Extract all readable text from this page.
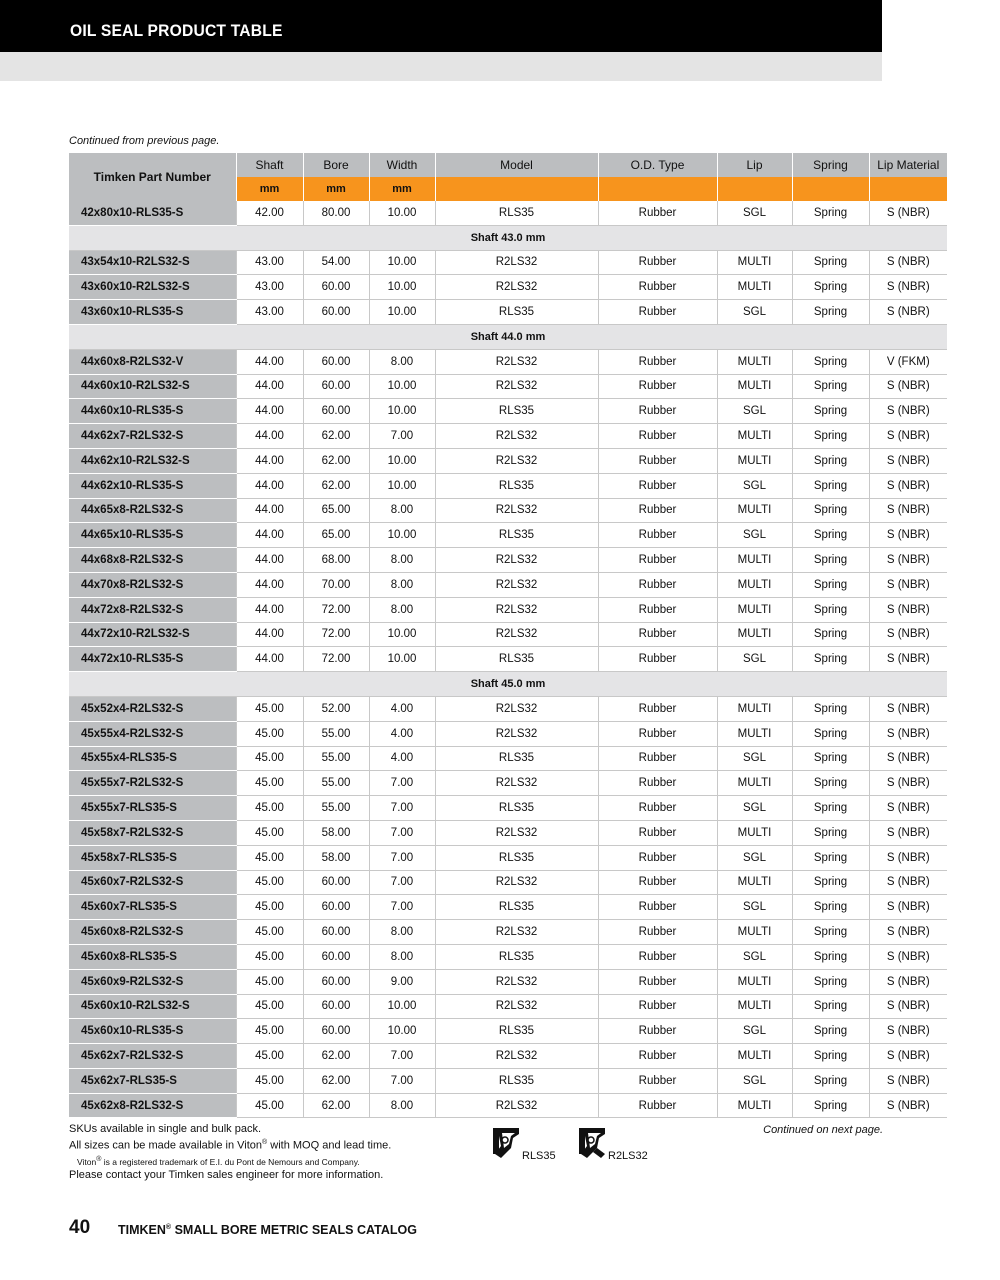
OIL SEAL PRODUCT TABLE
Continued from previous page.
Timken Part Number	Shaft	Bore	Width	Model	O.D. Type	Lip	Spring	Lip Material
	mm	mm	mm					
42x80x10-RLS35-S	42.00	80.00	10.00	RLS35	Rubber	SGL	Spring	S (NBR)
Shaft 43.0 mm								
43x54x10-R2LS32-S	43.00	54.00	10.00	R2LS32	Rubber	MULTI	Spring	S (NBR)
43x60x10-R2LS32-S	43.00	60.00	10.00	R2LS32	Rubber	MULTI	Spring	S (NBR)
43x60x10-RLS35-S	43.00	60.00	10.00	RLS35	Rubber	SGL	Spring	S (NBR)
Shaft 44.0 mm								
44x60x8-R2LS32-V	44.00	60.00	8.00	R2LS32	Rubber	MULTI	Spring	V (FKM)
44x60x10-R2LS32-S	44.00	60.00	10.00	R2LS32	Rubber	MULTI	Spring	S (NBR)
44x60x10-RLS35-S	44.00	60.00	10.00	RLS35	Rubber	SGL	Spring	S (NBR)
44x62x7-R2LS32-S	44.00	62.00	7.00	R2LS32	Rubber	MULTI	Spring	S (NBR)
44x62x10-R2LS32-S	44.00	62.00	10.00	R2LS32	Rubber	MULTI	Spring	S (NBR)
44x62x10-RLS35-S	44.00	62.00	10.00	RLS35	Rubber	SGL	Spring	S (NBR)
44x65x8-R2LS32-S	44.00	65.00	8.00	R2LS32	Rubber	MULTI	Spring	S (NBR)
44x65x10-RLS35-S	44.00	65.00	10.00	RLS35	Rubber	SGL	Spring	S (NBR)
44x68x8-R2LS32-S	44.00	68.00	8.00	R2LS32	Rubber	MULTI	Spring	S (NBR)
44x70x8-R2LS32-S	44.00	70.00	8.00	R2LS32	Rubber	MULTI	Spring	S (NBR)
44x72x8-R2LS32-S	44.00	72.00	8.00	R2LS32	Rubber	MULTI	Spring	S (NBR)
44x72x10-R2LS32-S	44.00	72.00	10.00	R2LS32	Rubber	MULTI	Spring	S (NBR)
44x72x10-RLS35-S	44.00	72.00	10.00	RLS35	Rubber	SGL	Spring	S (NBR)
Shaft 45.0 mm								
45x52x4-R2LS32-S	45.00	52.00	4.00	R2LS32	Rubber	MULTI	Spring	S (NBR)
45x55x4-R2LS32-S	45.00	55.00	4.00	R2LS32	Rubber	MULTI	Spring	S (NBR)
45x55x4-RLS35-S	45.00	55.00	4.00	RLS35	Rubber	SGL	Spring	S (NBR)
45x55x7-R2LS32-S	45.00	55.00	7.00	R2LS32	Rubber	MULTI	Spring	S (NBR)
45x55x7-RLS35-S	45.00	55.00	7.00	RLS35	Rubber	SGL	Spring	S (NBR)
45x58x7-R2LS32-S	45.00	58.00	7.00	R2LS32	Rubber	MULTI	Spring	S (NBR)
45x58x7-RLS35-S	45.00	58.00	7.00	RLS35	Rubber	SGL	Spring	S (NBR)
45x60x7-R2LS32-S	45.00	60.00	7.00	R2LS32	Rubber	MULTI	Spring	S (NBR)
45x60x7-RLS35-S	45.00	60.00	7.00	RLS35	Rubber	SGL	Spring	S (NBR)
45x60x8-R2LS32-S	45.00	60.00	8.00	R2LS32	Rubber	MULTI	Spring	S (NBR)
45x60x8-RLS35-S	45.00	60.00	8.00	RLS35	Rubber	SGL	Spring	S (NBR)
45x60x9-R2LS32-S	45.00	60.00	9.00	R2LS32	Rubber	MULTI	Spring	S (NBR)
45x60x10-R2LS32-S	45.00	60.00	10.00	R2LS32	Rubber	MULTI	Spring	S (NBR)
45x60x10-RLS35-S	45.00	60.00	10.00	RLS35	Rubber	SGL	Spring	S (NBR)
45x62x7-R2LS32-S	45.00	62.00	7.00	R2LS32	Rubber	MULTI	Spring	S (NBR)
45x62x7-RLS35-S	45.00	62.00	7.00	RLS35	Rubber	SGL	Spring	S (NBR)
45x62x8-R2LS32-S	45.00	62.00	8.00	R2LS32	Rubber	MULTI	Spring	S (NBR)
SKUs available in single and bulk pack.
All sizes can be made available in Viton® with MOQ and lead time.
Viton® is a registered trademark of E.I. du Pont de Nemours and Company.
Please contact your Timken sales engineer for more information.
RLS35	R2LS32
Continued on next page.
40 TIMKEN® SMALL BORE METRIC SEALS CATALOG
